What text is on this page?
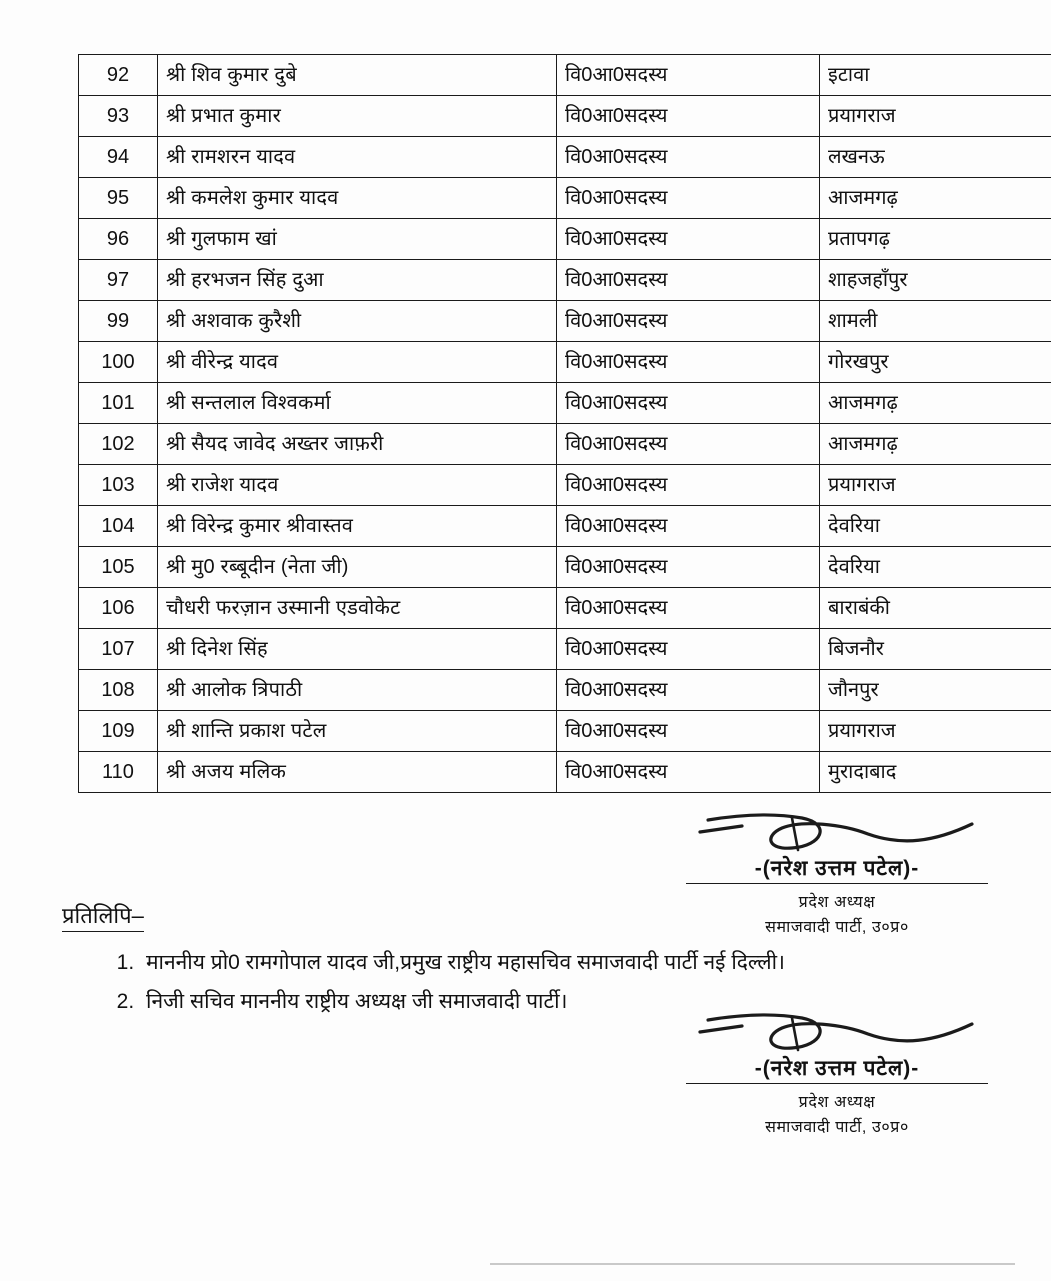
92	श्री शिव कुमार दुबे	वि0आ0सदस्य	इटावा
93	श्री प्रभात कुमार	वि0आ0सदस्य	प्रयागराज
94	श्री रामशरन यादव	वि0आ0सदस्य	लखनऊ
95	श्री कमलेश कुमार यादव	वि0आ0सदस्य	आजमगढ़
96	श्री गुलफाम खां	वि0आ0सदस्य	प्रतापगढ़
97	श्री हरभजन सिंह दुआ	वि0आ0सदस्य	शाहजहाँपुर
99	श्री अशवाक कुरैशी	वि0आ0सदस्य	शामली
100	श्री वीरेन्द्र यादव	वि0आ0सदस्य	गोरखपुर
101	श्री सन्तलाल विश्वकर्मा	वि0आ0सदस्य	आजमगढ़
102	श्री सैयद जावेद अख्तर जाफ़री	वि0आ0सदस्य	आजमगढ़
103	श्री राजेश यादव	वि0आ0सदस्य	प्रयागराज
104	श्री विरेन्द्र कुमार श्रीवास्तव	वि0आ0सदस्य	देवरिया
105	श्री मु0 रब्बूदीन (नेता जी)	वि0आ0सदस्य	देवरिया
106	चौधरी फरज़ान उस्मानी एडवोकेट	वि0आ0सदस्य	बाराबंकी
107	श्री दिनेश सिंह	वि0आ0सदस्य	बिजनौर
108	श्री आलोक त्रिपाठी	वि0आ0सदस्य	जौनपुर
109	श्री शान्ति प्रकाश पटेल	वि0आ0सदस्य	प्रयागराज
110	श्री अजय मलिक	वि0आ0सदस्य	मुरादाबाद
-(नरेश उत्तम पटेल)-
प्रदेश अध्यक्ष
समाजवादी पार्टी, उ०प्र०
प्रतिलिपि–
1. माननीय प्रो0 रामगोपाल यादव जी,प्रमुख राष्ट्रीय महासचिव समाजवादी पार्टी नई दिल्ली।
2. निजी सचिव माननीय राष्ट्रीय अध्यक्ष जी समाजवादी पार्टी।
-(नरेश उत्तम पटेल)-
प्रदेश अध्यक्ष
समाजवादी पार्टी, उ०प्र०
